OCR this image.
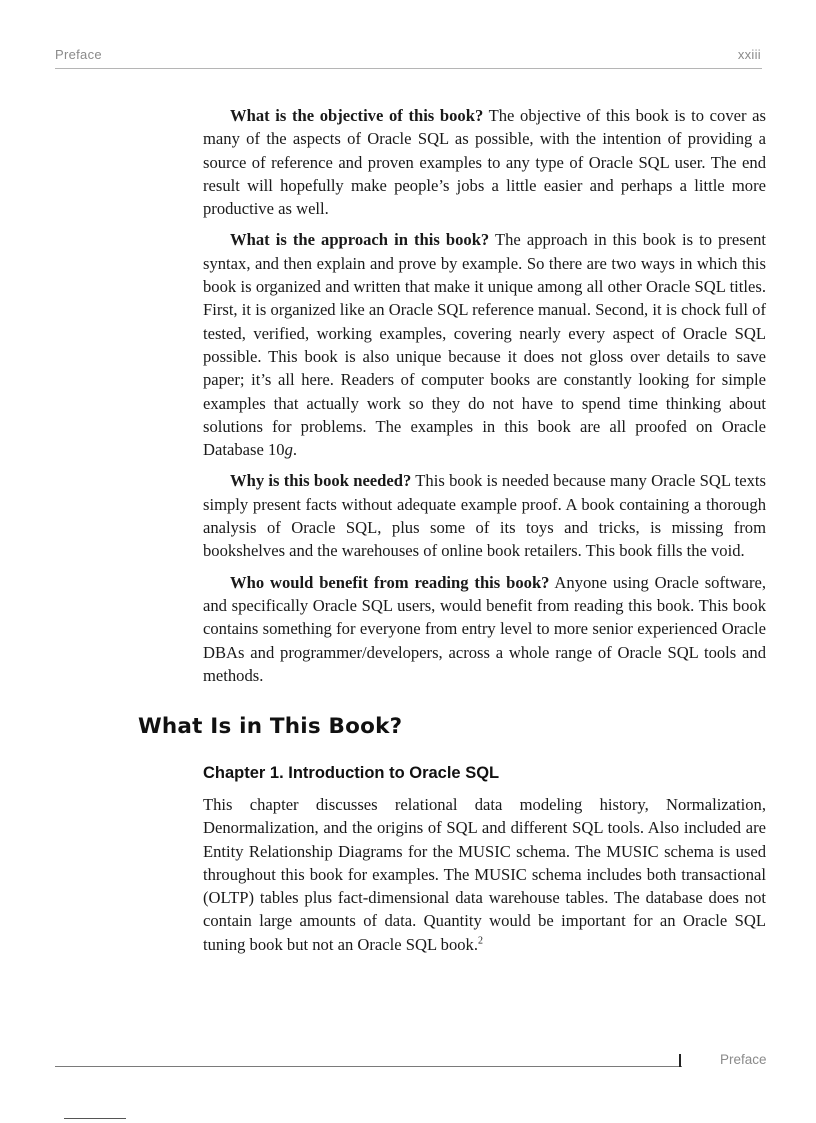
Preface	xxiii

What is the objective of this book? The objective of this book is to cover as many of the aspects of Oracle SQL as possible, with the intention of providing a source of reference and proven examples to any type of Oracle SQL user. The end result will hopefully make people’s jobs a little easier and perhaps a little more productive as well.

What is the approach in this book? The approach in this book is to present syntax, and then explain and prove by example. So there are two ways in which this book is organized and written that make it unique among all other Oracle SQL titles. First, it is organized like an Oracle SQL reference manual. Second, it is chock full of tested, verified, working examples, covering nearly every aspect of Oracle SQL possible. This book is also unique because it does not gloss over details to save paper; it’s all here. Readers of computer books are constantly looking for simple examples that actually work so they do not have to spend time thinking about solutions for problems. The examples in this book are all proofed on Oracle Database 10g.

Why is this book needed? This book is needed because many Oracle SQL texts simply present facts without adequate example proof. A book containing a thorough analysis of Oracle SQL, plus some of its toys and tricks, is missing from bookshelves and the warehouses of online book retailers. This book fills the void.

Who would benefit from reading this book? Anyone using Oracle software, and specifically Oracle SQL users, would benefit from reading this book. This book contains something for everyone from entry level to more senior experienced Oracle DBAs and programmer/developers, across a whole range of Oracle SQL tools and methods.

What Is in This Book?
Chapter 1. Introduction to Oracle SQL

This chapter discusses relational data modeling history, Normalization, Denormalization, and the origins of SQL and different SQL tools. Also included are Entity Relationship Diagrams for the MUSIC schema. The MUSIC schema is used throughout this book for examples. The MUSIC schema includes both transactional (OLTP) tables plus fact-dimensional data warehouse tables. The database does not contain large amounts of data. Quantity would be important for an Oracle SQL tuning book but not an Oracle SQL book.$^2$

Preface
